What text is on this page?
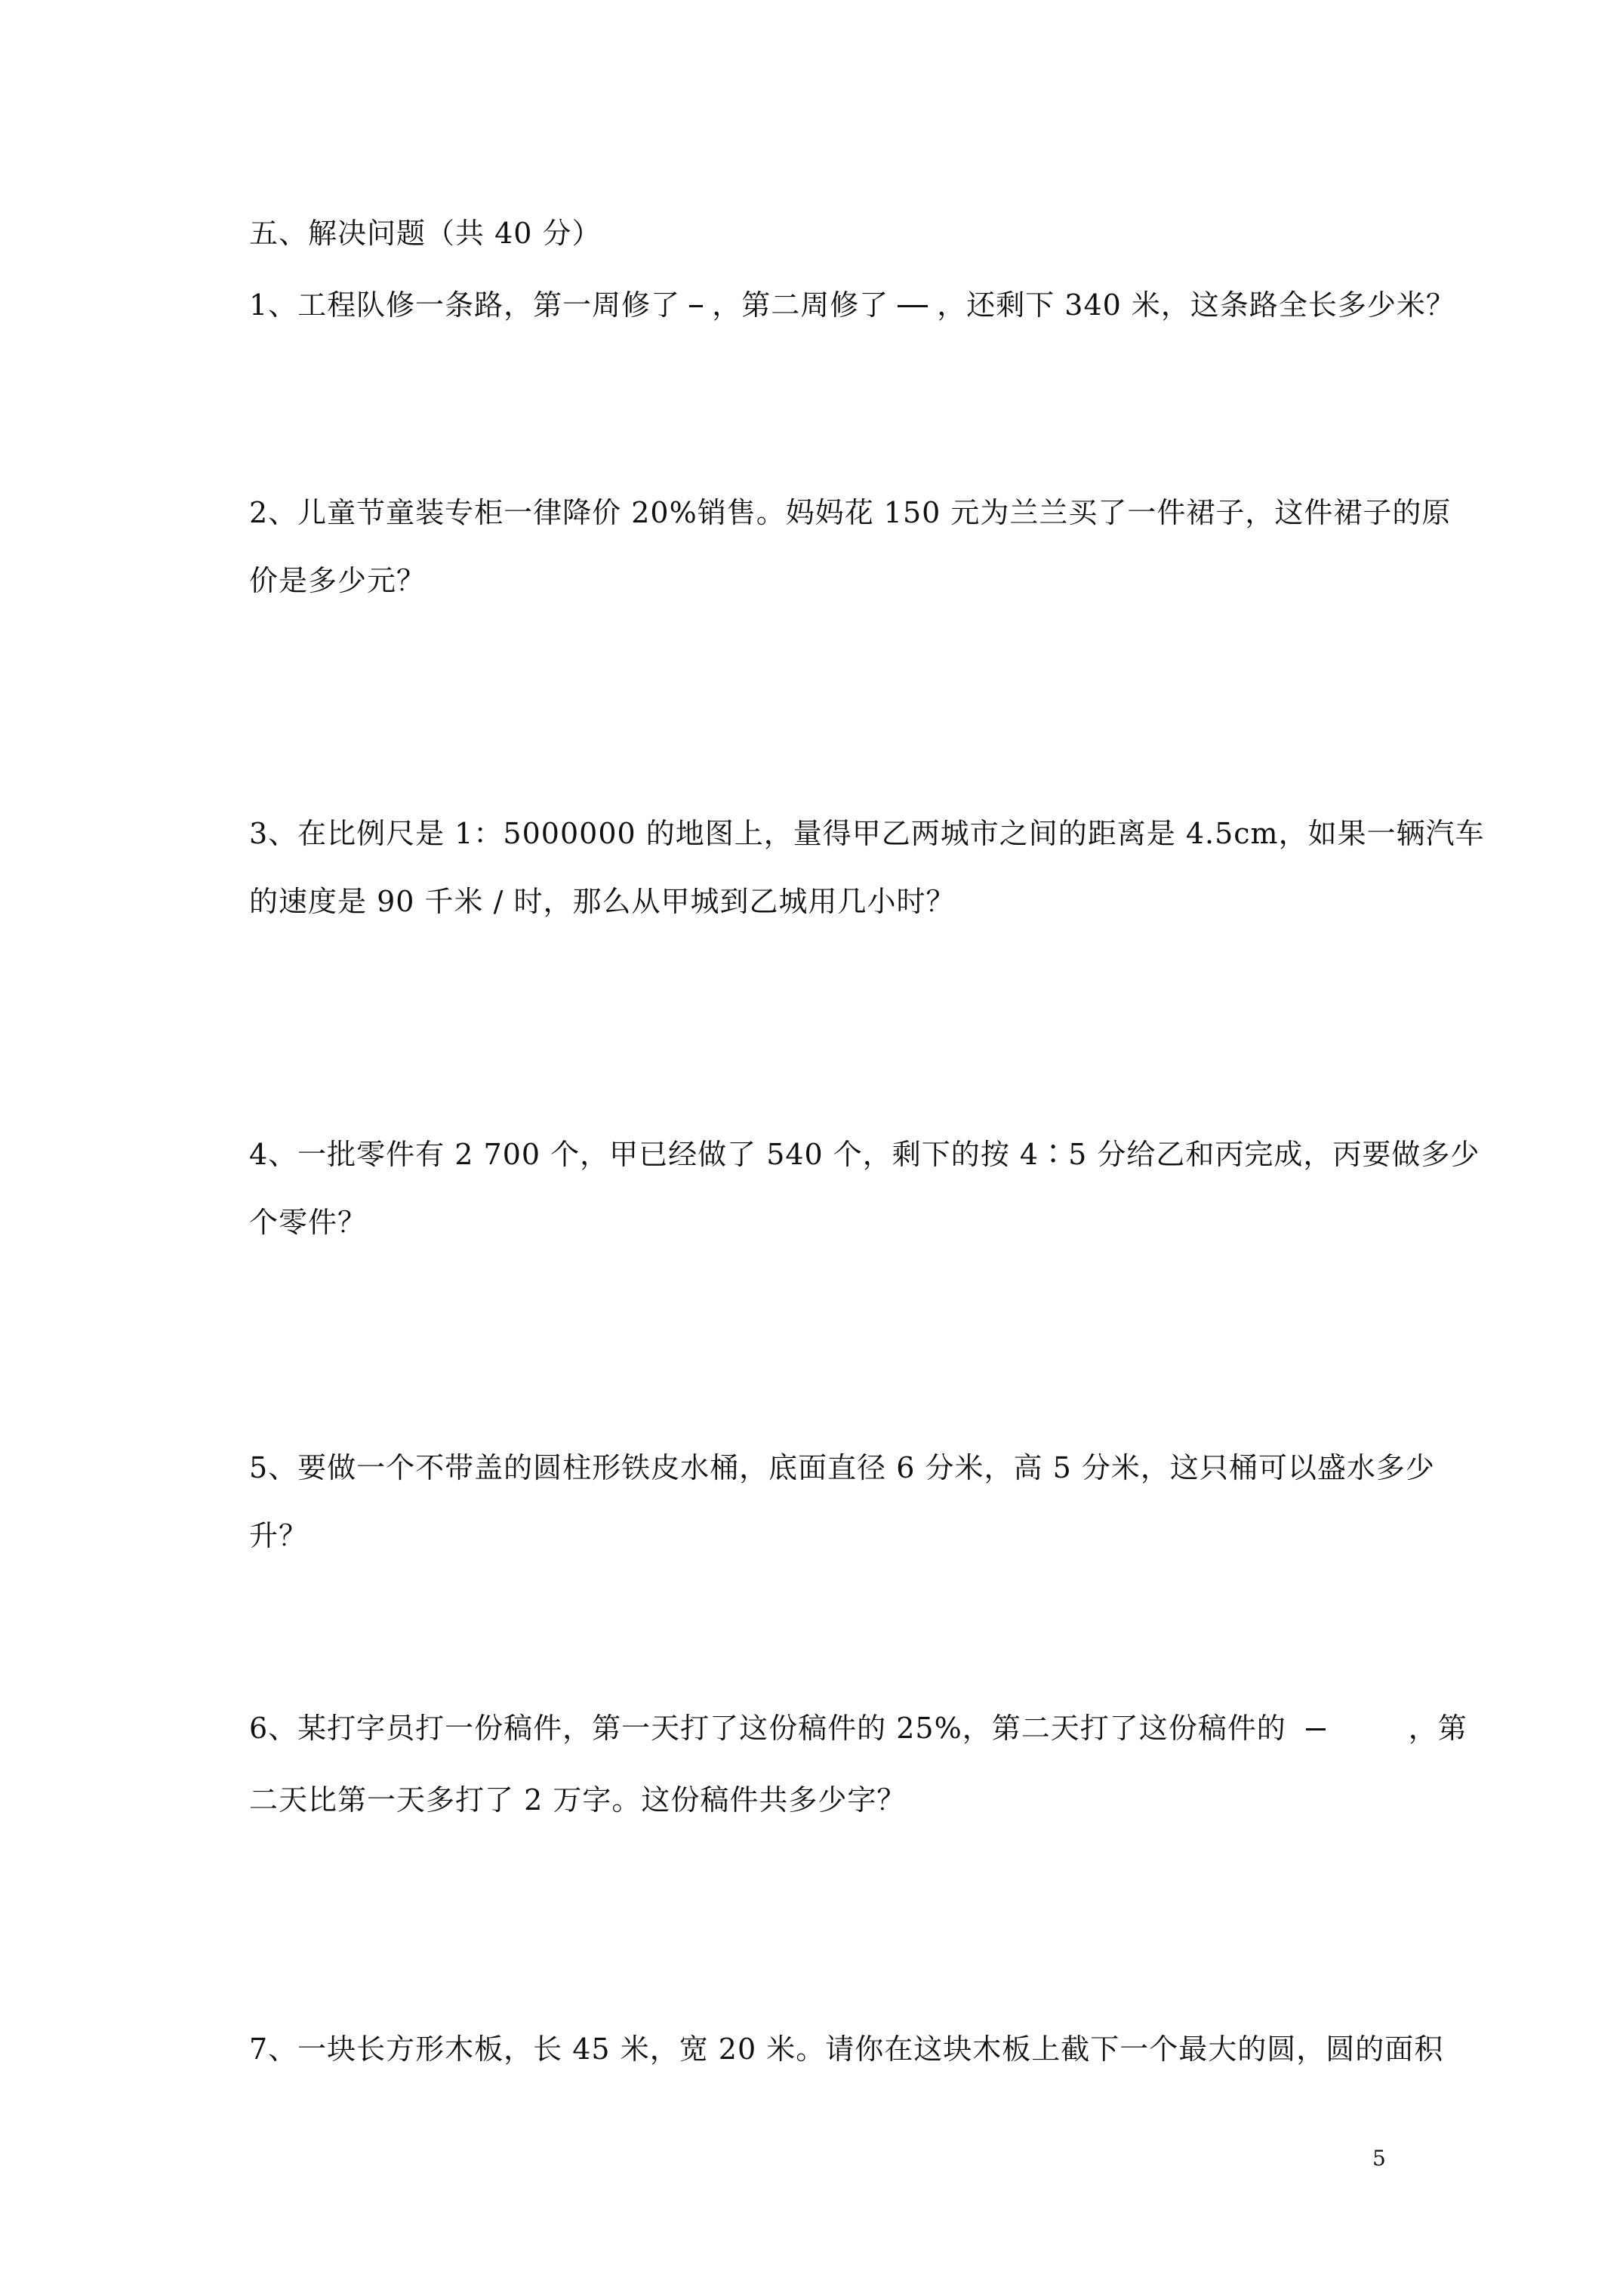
五、解决问题（共 40 分）
1、工程队修一条路，第一周修了 ，第二周修了 ，还剩下 340 米，这条路全长多少米？
2、儿童节童装专柜一律降价 20%销售。妈妈花 150 元为兰兰买了一件裙子，这件裙子的原
价是多少元？
3、在比例尺是 1：5000000 的地图上，量得甲乙两城市之间的距离是 4.5cm，如果一辆汽车
的速度是 90 千米 / 时，那么从甲城到乙城用几小时？
4、一批零件有 2 700 个，甲已经做了 540 个，剩下的按 4∶5 分给乙和丙完成，丙要做多少
个零件？
5、要做一个不带盖的圆柱形铁皮水桶，底面直径 6 分米，高 5 分米，这只桶可以盛水多少
升？
6、某打字员打一份稿件，第一天打了这份稿件的 25%，第二天打了这份稿件的	，第
二天比第一天多打了 2 万字。这份稿件共多少字？
7、一块长方形木板，长 45 米，宽 20 米。请你在这块木板上截下一个最大的圆，圆的面积
5
